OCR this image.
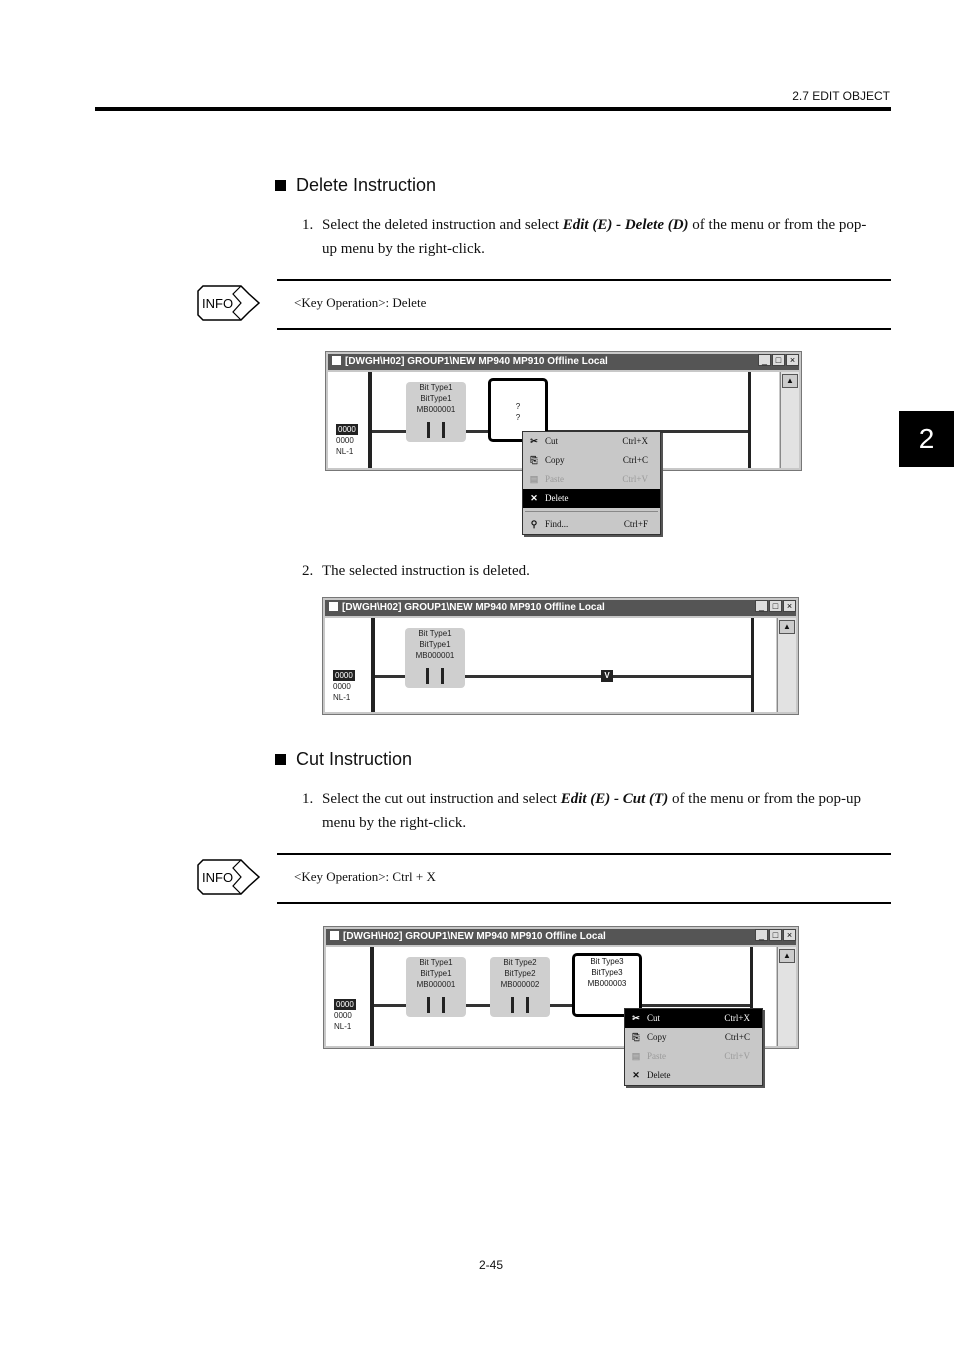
2.7 EDIT OBJECT
2
Delete Instruction
1. Select the deleted instruction and select Edit (E) - Delete (D) of the menu or from the pop-up menu by the right-click.
INFO	<Key Operation>: Delete
[DWGH\H02] GROUP1\NEW MP940 MP910 Offline Local	_ □ ×
0000
0000
NL-1
Bit Type1
BitType1
MB000001	?
?
▲
✂ Cut	Ctrl+X
⎘ Copy	Ctrl+C
▤ Paste	Ctrl+V
✕ Delete
⚲ Find...	Ctrl+F
2. The selected instruction is deleted.
[DWGH\H02] GROUP1\NEW MP940 MP910 Offline Local	_ □ ×
0000
0000
NL-1
Bit Type1
BitType1
MB000001
V
▲
Cut Instruction
1. Select the cut out instruction and select Edit (E) - Cut (T) of the menu or from the pop-up menu by the right-click.
INFO	<Key Operation>: Ctrl + X
[DWGH\H02] GROUP1\NEW MP940 MP910 Offline Local	_ □ ×
0000
0000
NL-1
Bit Type1
BitType1
MB000001
Bit Type2
BitType2
MB000002
Bit Type3
BitType3
MB000003
▲
✂ Cut	Ctrl+X
⎘ Copy	Ctrl+C
▤ Paste	Ctrl+V
✕ Delete
2-45
